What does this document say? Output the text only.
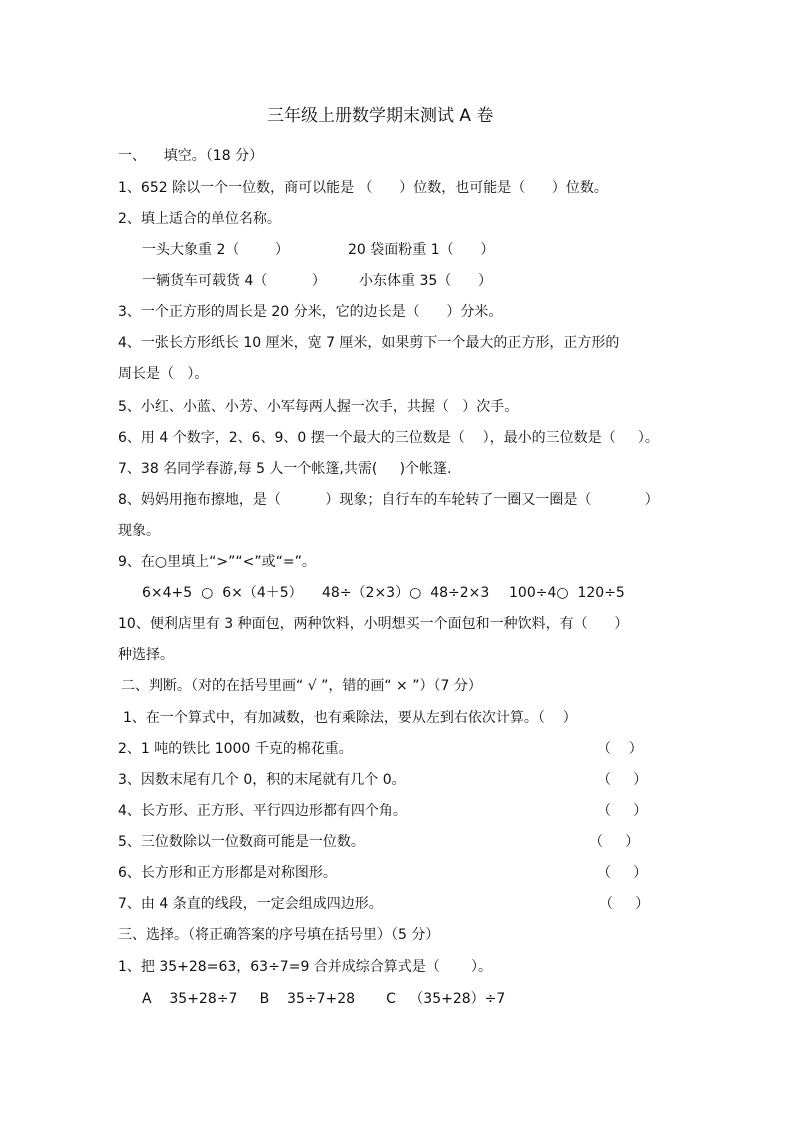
三年级上册数学期末测试 A 卷
一、    填空。（18 分）
1、652 除以一个一位数，商可以能是 （      ）位数，也可能是（      ）位数。
2、填上适合的单位名称。
一头大象重 2（        ）	20 袋面粉重 1（      ）
一辆货车可载货 4（          ） 小东体重 35（      ）
3、一个正方形的周长是 20 分米，它的边长是（      ）分米。
4、一张长方形纸长 10 厘米，宽 7 厘米，如果剪下一个最大的正方形，正方形的
周长是（   ）。
5、小红、小蓝、小芳、小军每两人握一次手，共握（   ）次手。
6、用 4 个数字，2、6、9、0 摆一个最大的三位数是（    ），最小的三位数是（     ）。
7、38 名同学春游,每 5 人一个帐篷,共需(     )个帐篷.
8、妈妈用拖布擦地，是（          ）现象；自行车的车轮转了一圈又一圈是（            ）
现象。
9、在○里填上“>”“<”或“=”。
6×4+5  ○  6×（4＋5） 48÷（2×3）○  48÷2×3 100÷4○  120÷5
10、便利店里有 3 种面包，两种饮料，小明想买一个面包和一种饮料，有（      ）
种选择。
二、判断。（对的在括号里画“ √ ”，错的画“ × ”）（7 分）
1、在一个算式中，有加减数，也有乘除法，要从左到右依次计算。（    ）
2、1 吨的铁比 1000 千克的棉花重。	（    ）
3、因数末尾有几个 0，积的末尾就有几个 0。	（     ）
4、长方形、正方形、平行四边形都有四个角。	（     ）
5、三位数除以一位数商可能是一位数。	（     ）
6、长方形和正方形都是对称图形。	（     ）
7、由 4 条直的线段，一定会组成四边形。	（     ）
三、选择。（将正确答案的序号填在括号里）（5 分）
1、把 35+28=63，63÷7=9 合并成综合算式是（       ）。
A    35+28÷7     B    35÷7+28       C   （35+28）÷7
